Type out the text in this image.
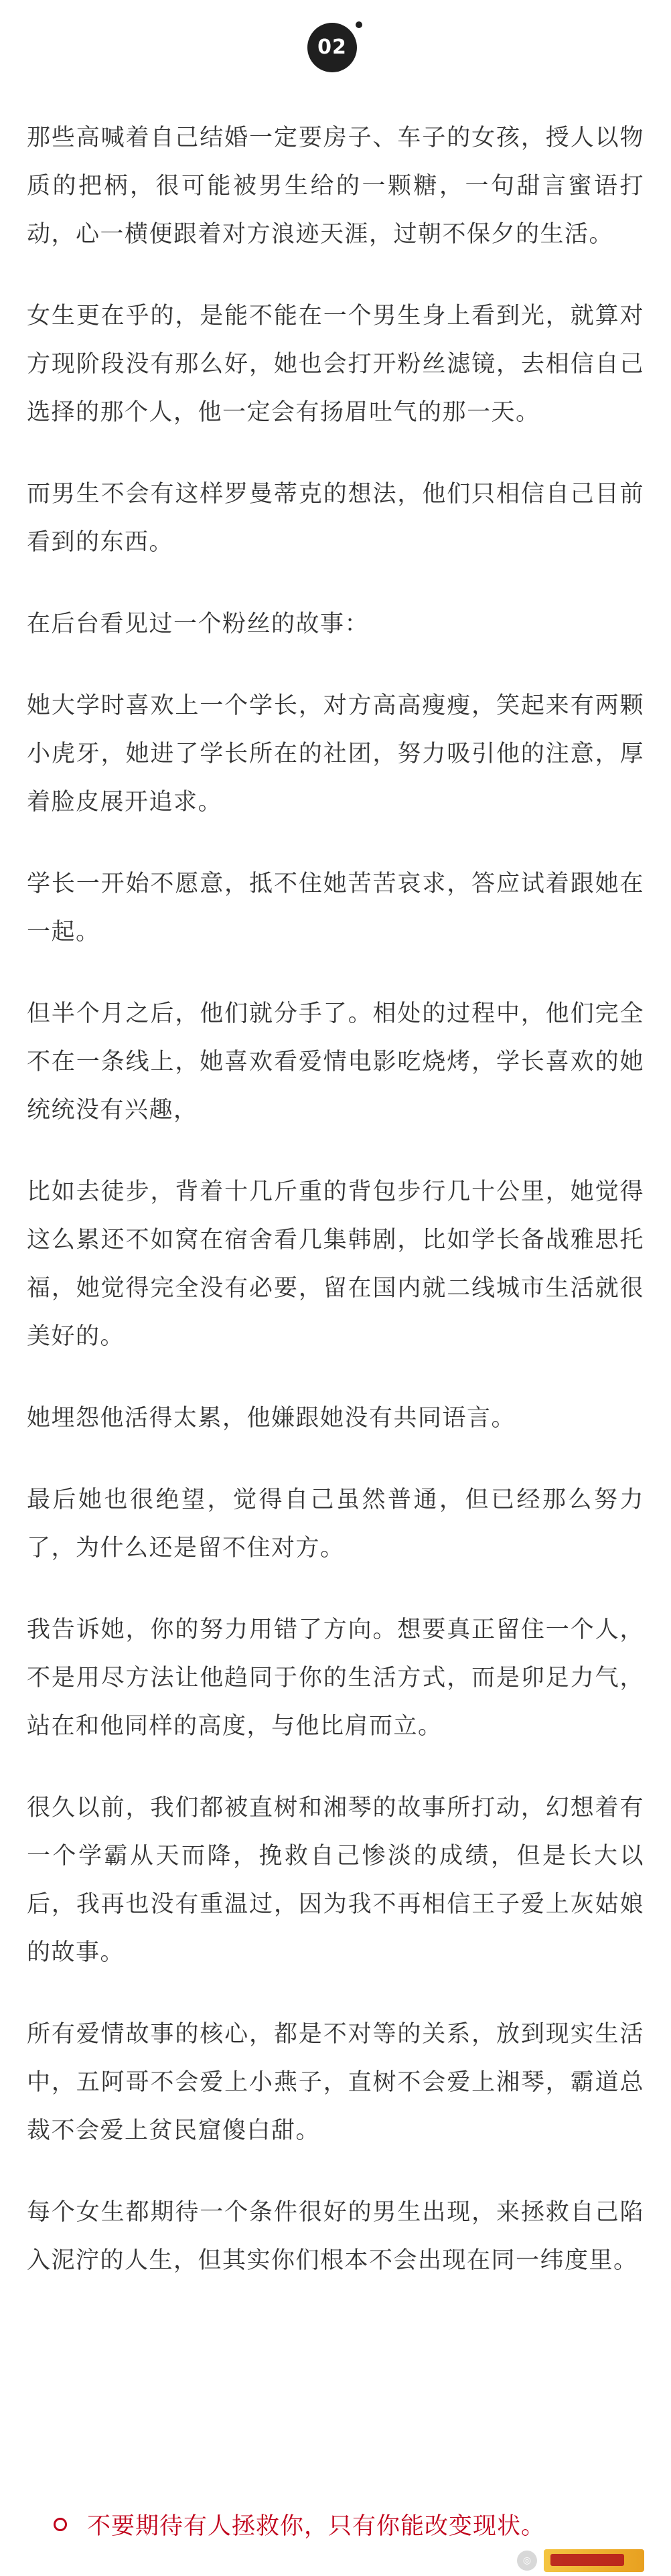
02

那些高喊着自己结婚一定要房子、车子的女孩，授人以物质的把柄，很可能被男生给的一颗糖，一句甜言蜜语打动，心一横便跟着对方浪迹天涯，过朝不保夕的生活。

女生更在乎的，是能不能在一个男生身上看到光，就算对方现阶段没有那么好，她也会打开粉丝滤镜，去相信自己选择的那个人，他一定会有扬眉吐气的那一天。

而男生不会有这样罗曼蒂克的想法，他们只相信自己目前看到的东西。

在后台看见过一个粉丝的故事：

她大学时喜欢上一个学长，对方高高瘦瘦，笑起来有两颗小虎牙，她进了学长所在的社团，努力吸引他的注意，厚着脸皮展开追求。

学长一开始不愿意，抵不住她苦苦哀求，答应试着跟她在一起。

但半个月之后，他们就分手了。相处的过程中，他们完全不在一条线上，她喜欢看爱情电影吃烧烤，学长喜欢的她统统没有兴趣，

比如去徒步，背着十几斤重的背包步行几十公里，她觉得这么累还不如窝在宿舍看几集韩剧，比如学长备战雅思托福，她觉得完全没有必要，留在国内就二线城市生活就很美好的。

她埋怨他活得太累，他嫌跟她没有共同语言。

最后她也很绝望，觉得自己虽然普通，但已经那么努力了，为什么还是留不住对方。

我告诉她，你的努力用错了方向。想要真正留住一个人，不是用尽方法让他趋同于你的生活方式，而是卯足力气，站在和他同样的高度，与他比肩而立。

很久以前，我们都被直树和湘琴的故事所打动，幻想着有一个学霸从天而降，挽救自己惨淡的成绩，但是长大以后，我再也没有重温过，因为我不再相信王子爱上灰姑娘的故事。

所有爱情故事的核心，都是不对等的关系，放到现实生活中，五阿哥不会爱上小燕子，直树不会爱上湘琴，霸道总裁不会爱上贫民窟傻白甜。

每个女生都期待一个条件很好的男生出现，来拯救自己陷入泥泞的人生，但其实你们根本不会出现在同一纬度里。

不要期待有人拯救你，只有你能改变现状。
◎
